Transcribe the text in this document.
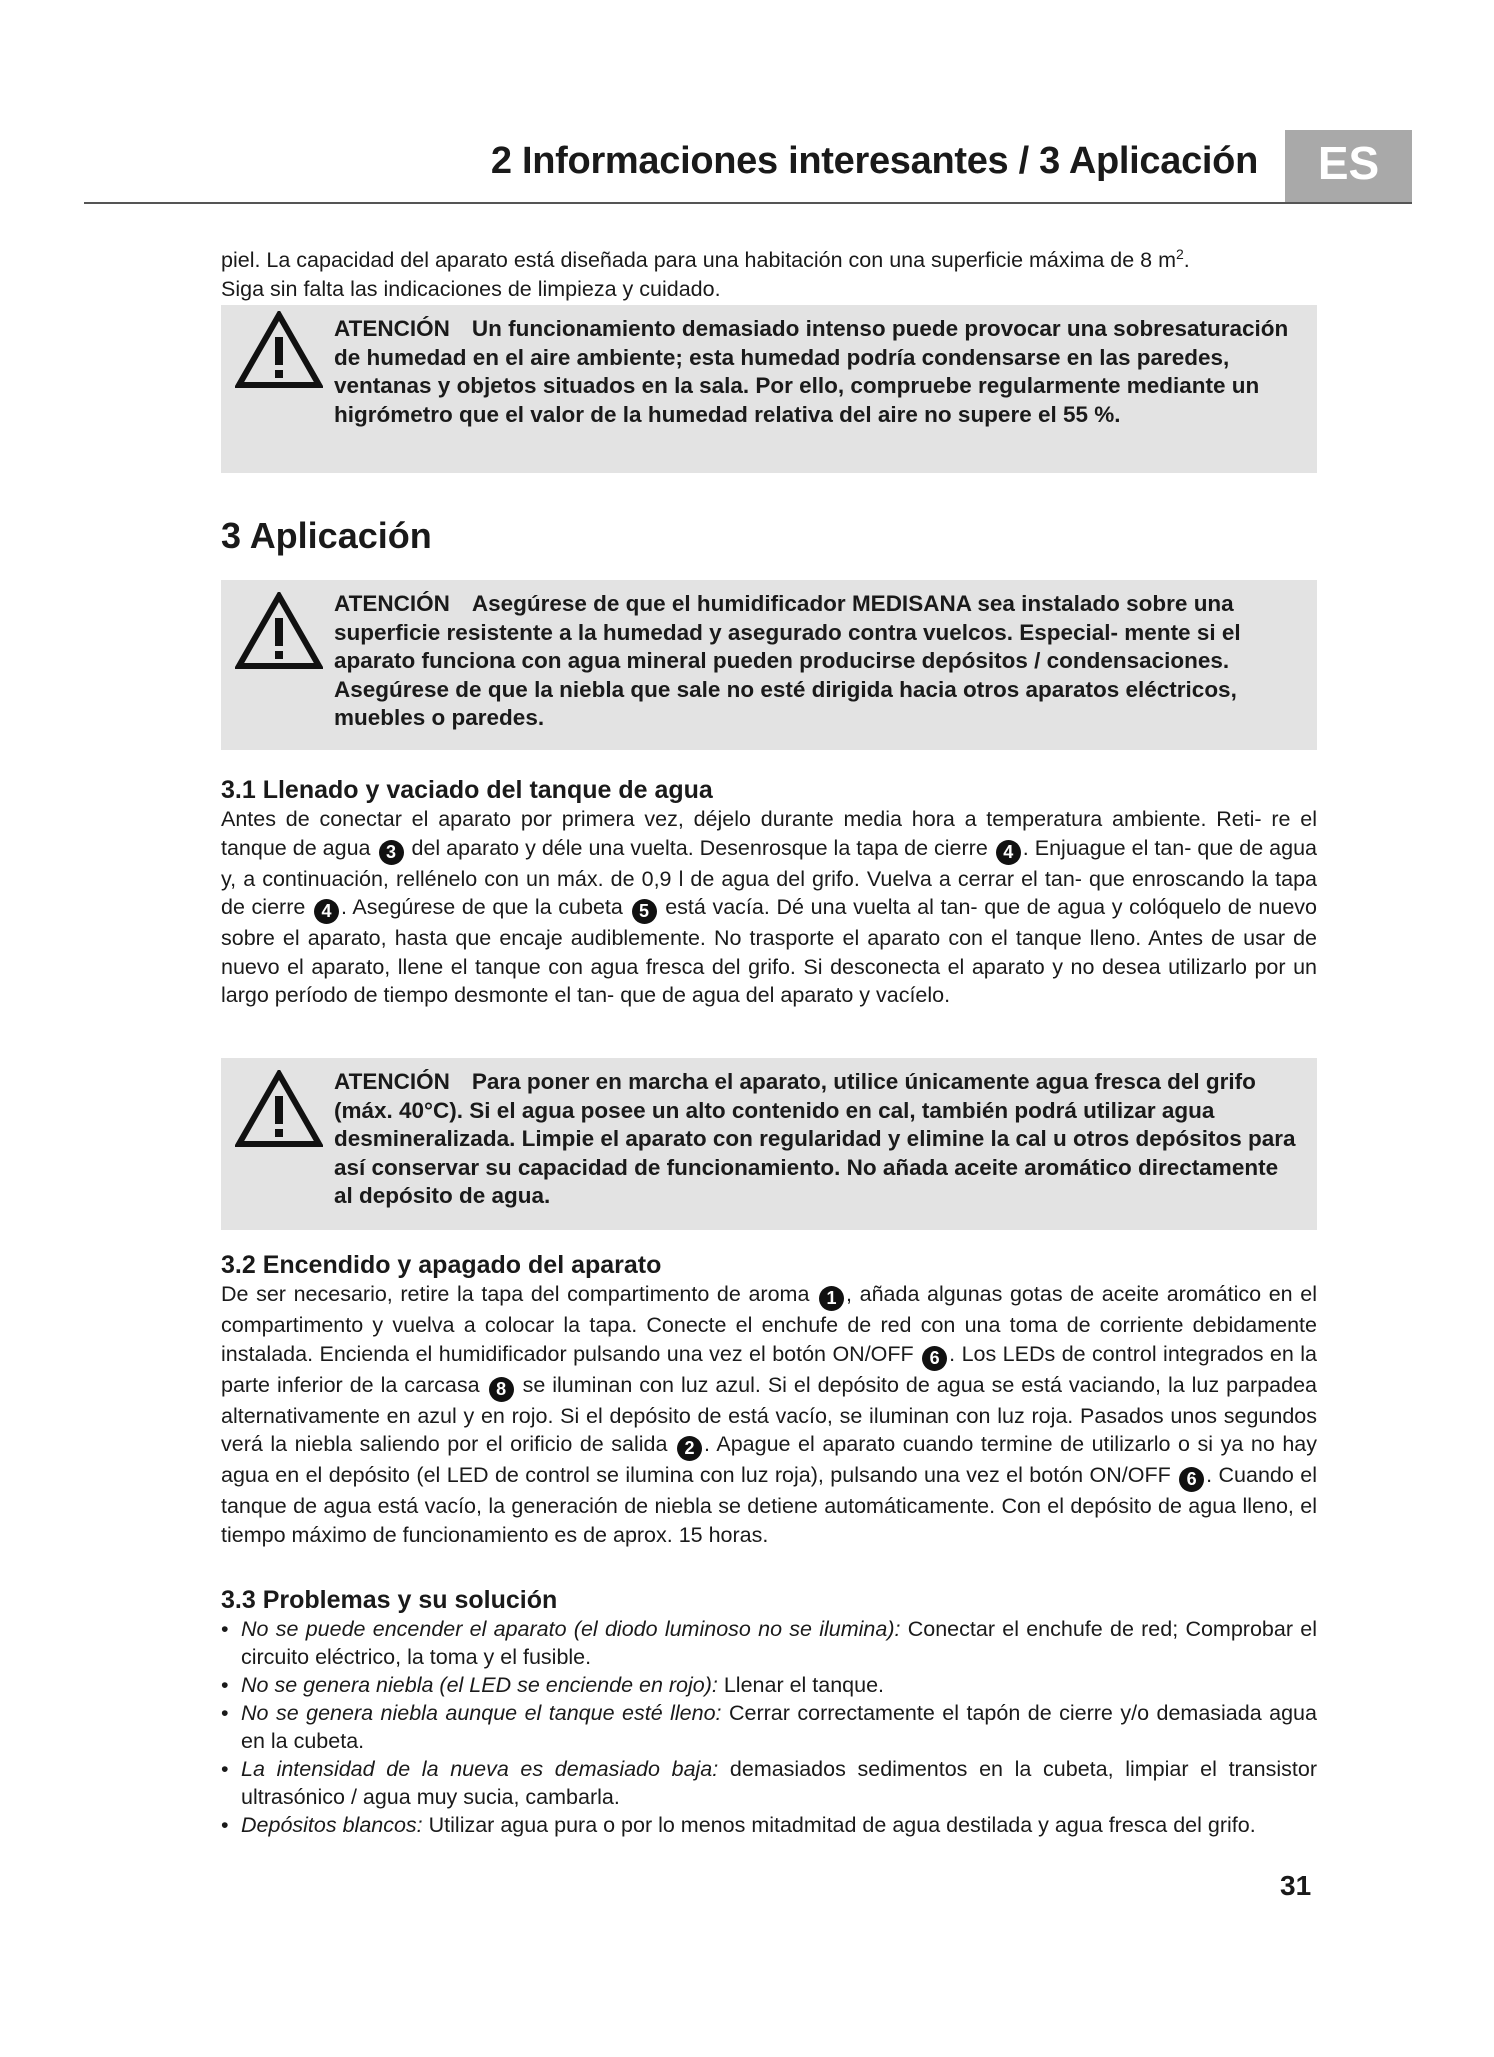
2 Informaciones interesantes / 3 Aplicación	ES

piel. La capacidad del aparato está diseñada para una habitación con una superficie máxima de 8 $m^2$.

Siga sin falta las indicaciones de limpieza y cuidado.

ATENCIÓN Un funcionamiento demasiado intenso puede provocar una sobresaturación de humedad en el aire ambiente; esta humedad podría condensarse en las paredes, ventanas y objetos situados en la sala. Por ello, compruebe regularmente mediante un higrómetro que el valor de la humedad relativa del aire no supere el 55 %.

3 Aplicación

ATENCIÓN Asegúrese de que el humidificador MEDISANA sea instalado sobre una superficie resistente a la humedad y asegurado contra vuelcos. Especial- mente si el aparato funciona con agua mineral pueden producirse depósitos / condensaciones. Asegúrese de que la niebla que sale no esté dirigida hacia otros aparatos eléctricos, muebles o paredes.

3.1 Llenado y vaciado del tanque de agua

Antes de conectar el aparato por primera vez, déjelo durante media hora a temperatura ambiente. Reti- re el tanque de agua 3 del aparato y déle una vuelta. Desenrosque la tapa de cierre 4 . Enjuague el tan- que de agua y, a continuación, rellénelo con un máx. de 0,9 l de agua del grifo. Vuelva a cerrar el tan- que enroscando la tapa de cierre 4 . Asegúrese de que la cubeta 5 está vacía. Dé una vuelta al tan- que de agua y colóquelo de nuevo sobre el aparato, hasta que encaje audiblemente. No trasporte el aparato con el tanque lleno. Antes de usar de nuevo el aparato, llene el tanque con agua fresca del grifo. Si desconecta el aparato y no desea utilizarlo por un largo período de tiempo desmonte el tan- que de agua del aparato y vacíelo.

ATENCIÓN Para poner en marcha el aparato, utilice únicamente agua fresca del grifo (máx. 40°C). Si el agua posee un alto contenido en cal, también podrá utilizar agua desmineralizada. Limpie el aparato con regularidad y elimine la cal u otros depósitos para así conservar su capacidad de funcionamiento. No añada aceite aromático directamente al depósito de agua.

3.2 Encendido y apagado del aparato

De ser necesario, retire la tapa del compartimento de aroma 1 , añada algunas gotas de aceite aromático en el compartimento y vuelva a colocar la tapa. Conecte el enchufe de red con una toma de corriente debidamente instalada. Encienda el humidificador pulsando una vez el botón ON/OFF 6 . Los LEDs de control integrados en la parte inferior de la carcasa 8 se iluminan con luz azul. Si el depósito de agua se está vaciando, la luz parpadea alternativamente en azul y en rojo. Si el depósito de está vacío, se iluminan con luz roja. Pasados unos segundos verá la niebla saliendo por el orificio de salida 2 . Apague el aparato cuando termine de utilizarlo o si ya no hay agua en el depósito (el LED de control se ilumina con luz roja), pulsando una vez el botón ON/OFF 6 . Cuando el tanque de agua está vacío, la generación de niebla se detiene automáticamente. Con el depósito de agua lleno, el tiempo máximo de funcionamiento es de aprox. 15 horas.

3.3 Problemas y su solución

• No se puede encender el aparato (el diodo luminoso no se ilumina): Conectar el enchufe de red; Comprobar el circuito eléctrico, la toma y el fusible.
• No se genera niebla (el LED se enciende en rojo): Llenar el tanque.
• No se genera niebla aunque el tanque esté lleno: Cerrar correctamente el tapón de cierre y/o demasiada agua en la cubeta.
• La intensidad de la nueva es demasiado baja: demasiados sedimentos en la cubeta, limpiar el transistor ultrasónico / agua muy sucia, cambarla.
• Depósitos blancos: Utilizar agua pura o por lo menos mitadmitad de agua destilada y agua fresca del grifo.
31
